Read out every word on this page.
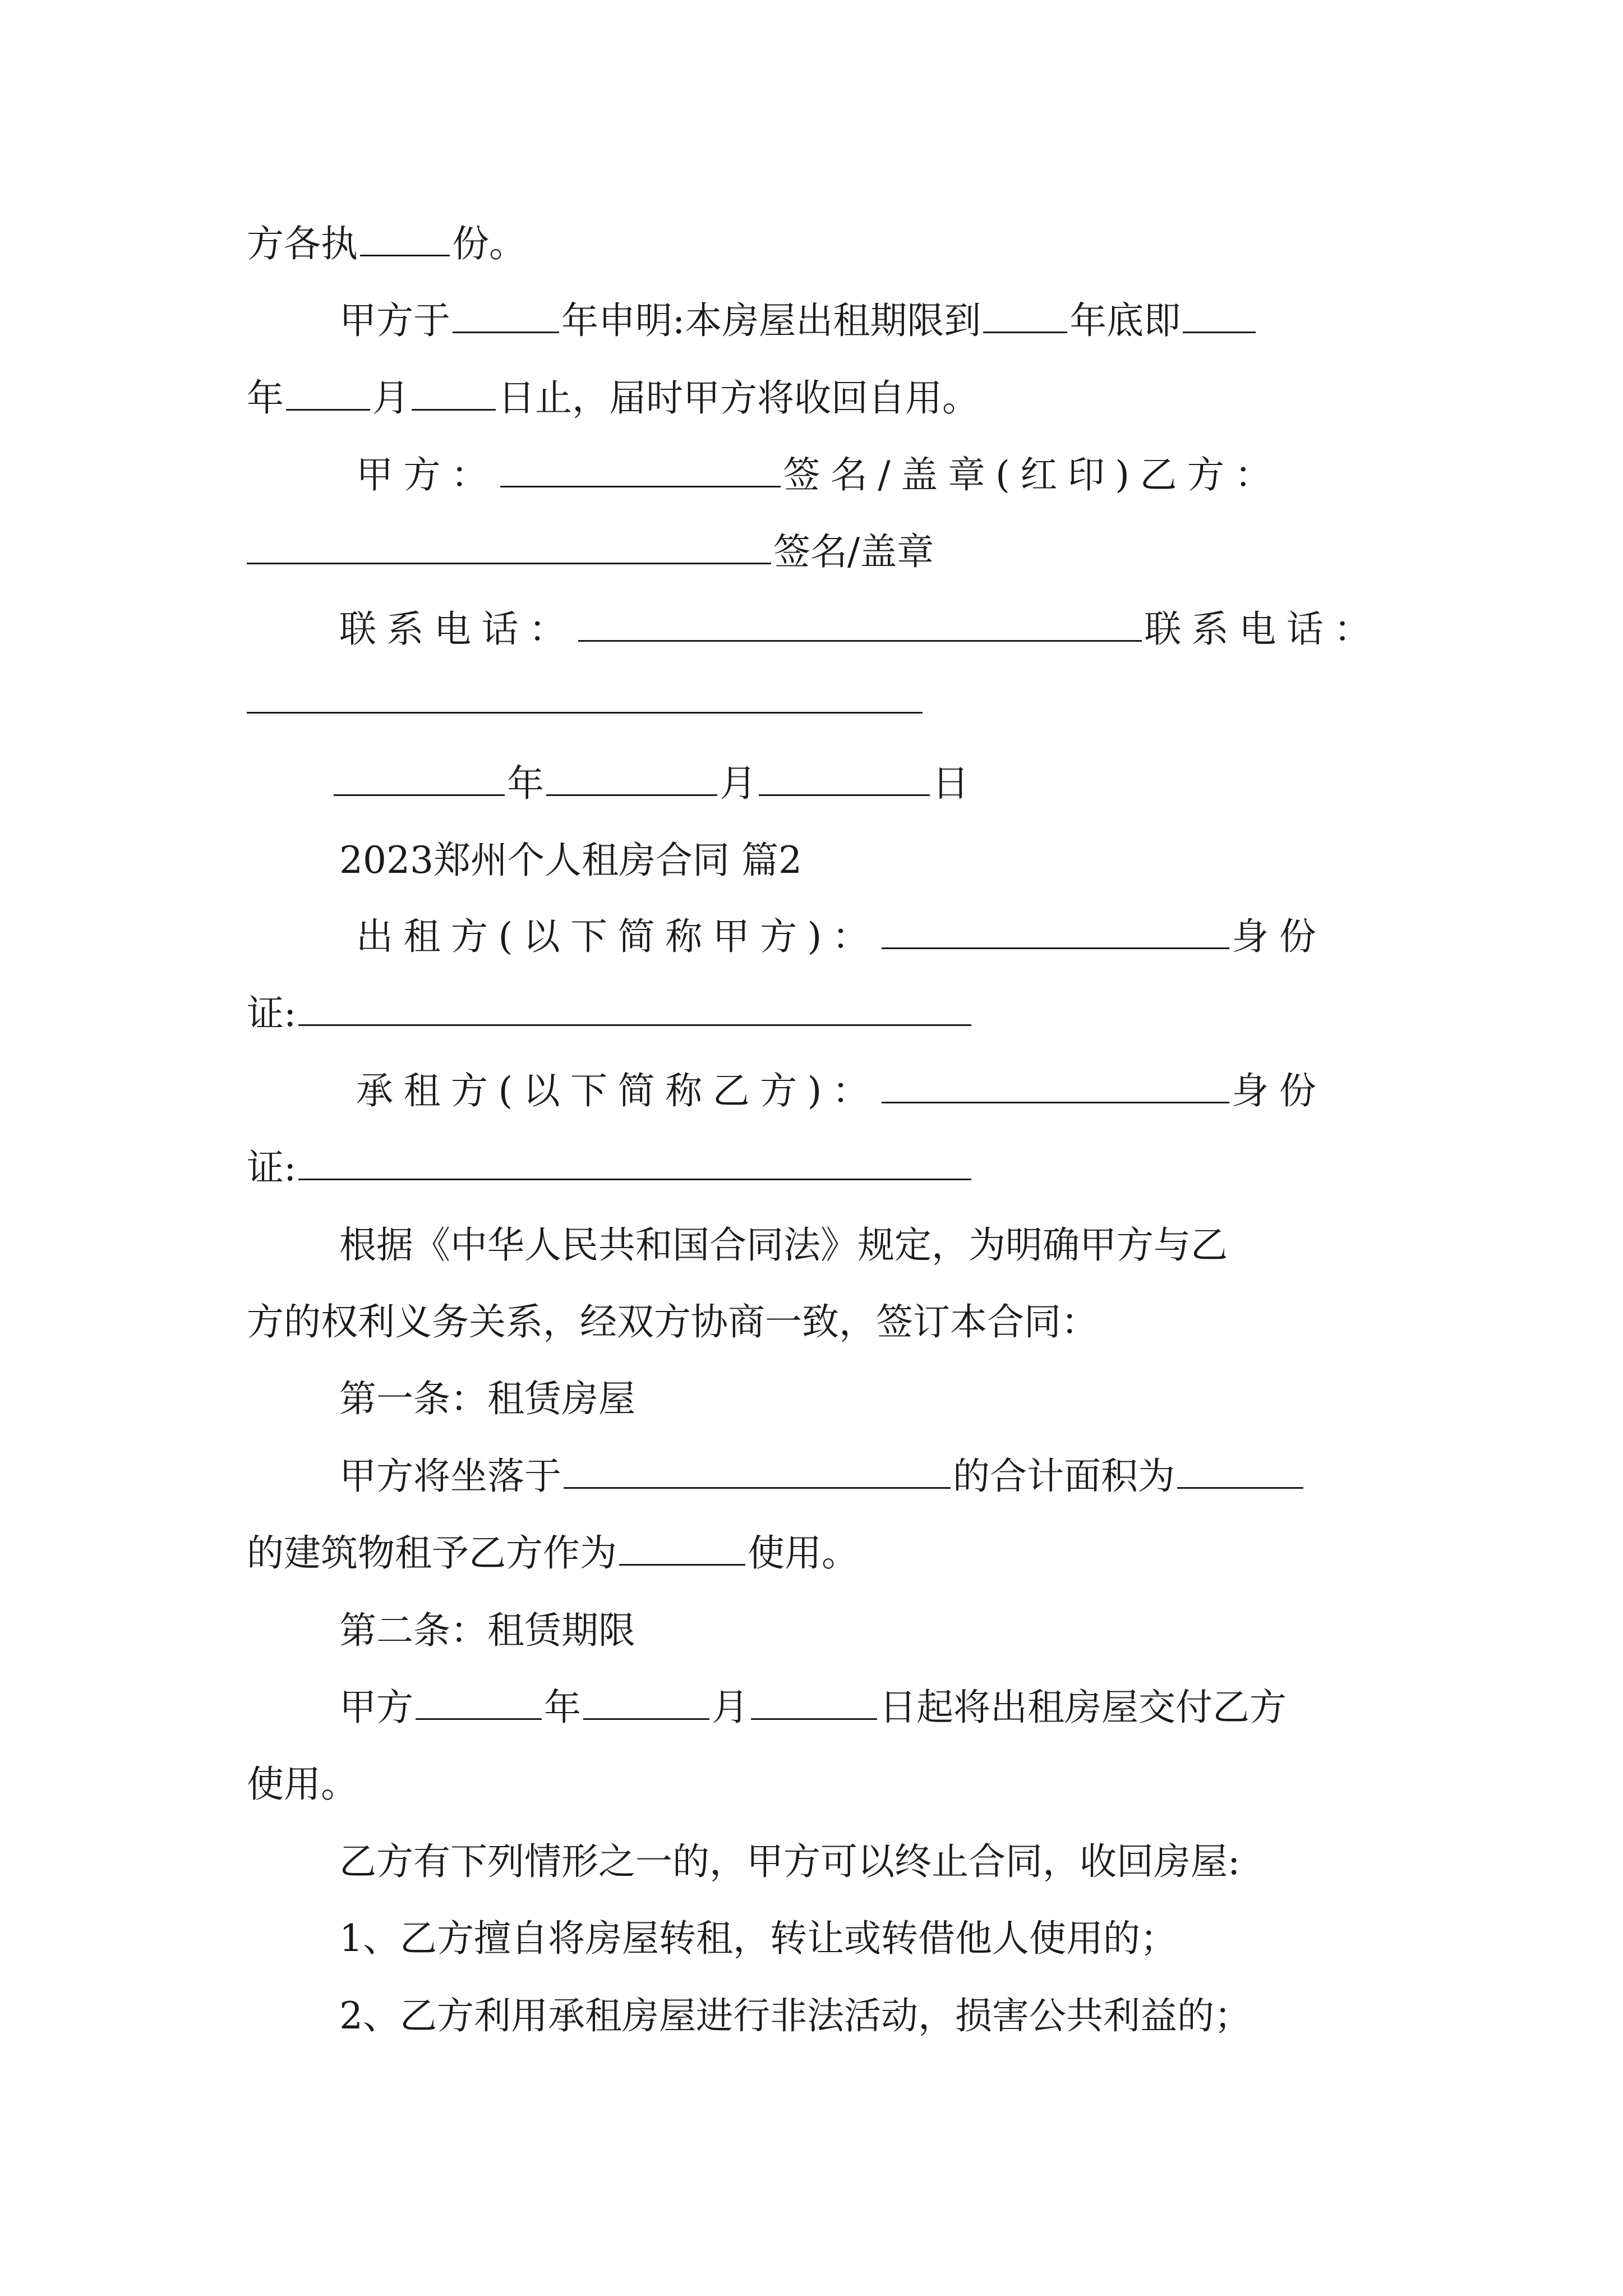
方各执	份。
甲方于	年申明:本房屋出租期限到 年底即
年 月 日止，届时甲方将收回自用。
甲方：	签名/盖章(红印)乙方：
签名/盖章
联系电话：	联系电话：
年	月	日
2023郑州个人租房合同 篇2
出租方(以下简称甲方)：	身份
证:
承租方(以下简称乙方)：	身份
证:
根据《中华人民共和国合同法》规定，为明确甲方与乙
方的权利义务关系，经双方协商一致，签订本合同：
第一条：租赁房屋
甲方将坐落于	的合计面积为
的建筑物租予乙方作为	使用。
第二条：租赁期限
甲方	年	月	日起将出租房屋交付乙方
使用。
乙方有下列情形之一的，甲方可以终止合同，收回房屋:
1、乙方擅自将房屋转租，转让或转借他人使用的；
2、乙方利用承租房屋进行非法活动，损害公共利益的；
